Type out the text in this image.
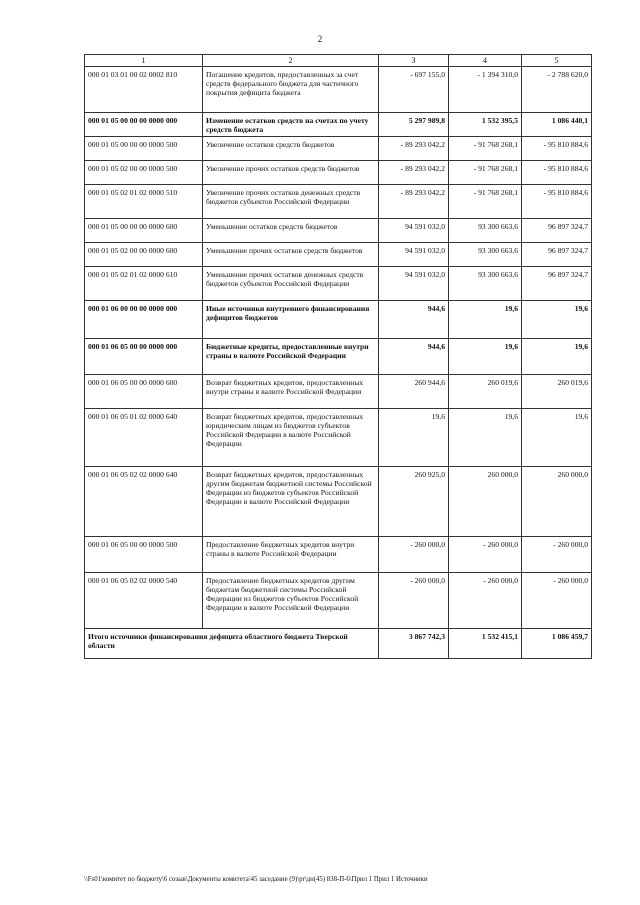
2
1	2	3	4	5
000 01 03 01 00 02 0002 810	Погашение кредитов, предоставленных за счет средств федерального бюджета для частичного покрытия дефицита бюджета	- 697 155,0	- 1 394 310,0	- 2 788 620,0
000 01 05 00 00 00 0000 000	Изменение остатков средств на счетах по учету средств бюджета	5 297 989,8	1 532 395,5	1 086 440,1
000 01 05 00 00 00 0000 500	Увеличение остатков средств бюджетов	- 89 293 042,2	- 91 768 268,1	- 95 810 884,6
000 01 05 02 00 00 0000 500	Увеличение прочих остатков средств бюджетов	- 89 293 042,2	- 91 768 268,1	- 95 810 884,6
000 01 05 02 01 02 0000 510	Увеличение прочих остатков денежных средств бюджетов субъектов Российской Федерации	- 89 293 042,2	- 91 768 268,1	- 95 810 884,6
000 01 05 00 00 00 0000 600	Уменьшение остатков средств бюджетов	94 591 032,0	93 300 663,6	96 897 324,7
000 01 05 02 00 00 0000 600	Уменьшение прочих остатков средств бюджетов	94 591 032,0	93 300 663,6	96 897 324,7
000 01 05 02 01 02 0000 610	Уменьшение прочих остатков денежных средств бюджетов субъектов Российской Федерации	94 591 032,0	93 300 663,6	96 897 324,7
000 01 06 00 00 00 0000 000	Иные источники внутреннего финансирования дефицитов бюджетов	944,6	19,6	19,6
000 01 06 05 00 00 0000 000	Бюджетные кредиты, предоставленные внутри страны в валюте Российской Федерации	944,6	19,6	19,6
000 01 06 05 00 00 0000 600	Возврат бюджетных кредитов, предоставленных внутри страны в валюте Российской Федерации	260 944,6	260 019,6	260 019,6
000 01 06 05 01 02 0000 640	Возврат бюджетных кредитов, предоставленных юридическим лицам из бюджетов субъектов Российской Федерации в валюте Российской Федерации	19,6	19,6	19,6
000 01 06 05 02 02 0000 640	Возврат бюджетных кредитов, предоставленных другим бюджетам бюджетной системы Российской Федерации из бюджетов субъектов Российской Федерации в валюте Российской Федерации	260 925,0	260 000,0	260 000,0
000 01 06 05 00 00 0000 500	Предоставление бюджетных кредитов внутри страны в валюте Российской Федерации	- 260 000,0	- 260 000,0	- 260 000,0
000 01 06 05 02 02 0000 540	Предоставление бюджетных кредитов другим бюджетам бюджетной системы Российской Федерации из бюджетов субъектов Российской Федерации в валюте Российской Федерации	- 260 000,0	- 260 000,0	- 260 000,0
Итого источники финансирования дефицита областного бюджета Тверской области		3 867 742,3	1 532 415,1	1 086 459,7
\\Fs01\комитет по бюджету\6 созыв\Документы комитета\45 заседание (9)\pr\дн(45) 838-П-6\Прил 1 Прил 1 Источники
